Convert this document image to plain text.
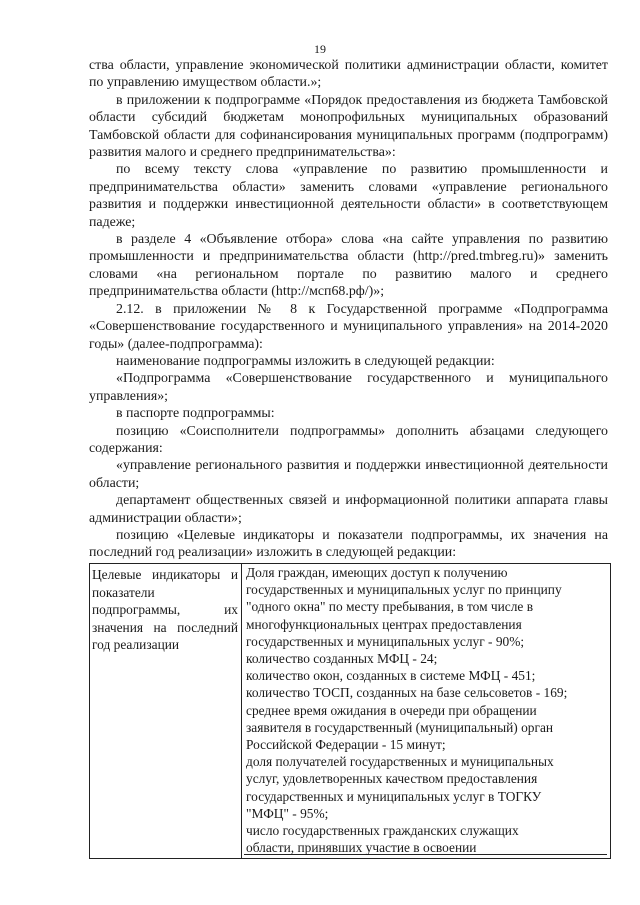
19

ства области, управление экономической политики администрации области, комитет по управлению имуществом области.»;

в приложении к подпрограмме «Порядок предоставления из бюджета Тамбовской области субсидий бюджетам монопрофильных муниципальных образований Тамбовской области для софинансирования муниципальных программ (подпрограмм) развития малого и среднего предпринимательства»:

по всему тексту слова «управление по развитию промышленности и предпринимательства области» заменить словами «управление регионального развития и поддержки инвестиционной деятельности области» в соответствующем падеже;

в разделе 4 «Объявление отбора» слова «на сайте управления по развитию промышленности и предпринимательства области (http://pred.tmbreg.ru)» заменить словами «на региональном портале по развитию малого и среднего предпринимательства области (http://мсп68.рф/)»;

2.12. в приложении № 8 к Государственной программе «Подпрограмма «Совершенствование государственного и муниципального управления» на 2014-2020 годы» (далее-подпрограмма):

наименование подпрограммы изложить в следующей редакции:

«Подпрограмма «Совершенствование государственного и муниципального управления»;

в паспорте подпрограммы:

позицию «Соисполнители подпрограммы» дополнить абзацами следующего содержания:

«управление регионального развития и поддержки инвестиционной деятельности области;

департамент общественных связей и информационной политики аппарата главы администрации области»;

позицию «Целевые индикаторы и показатели подпрограммы, их значения на последний год реализации» изложить в следующей редакции:

Целевые индикаторы и показатели подпрограммы, их значения на последний год реализации
Доля граждан, имеющих доступ к получению
государственных и муниципальных услуг по принципу
"одного окна" по месту пребывания, в том числе в
многофункциональных центрах предоставления
государственных и муниципальных услуг - 90%;
количество созданных МФЦ - 24;
количество окон, созданных в системе МФЦ - 451;
количество ТОСП, созданных на базе сельсоветов - 169;
среднее время ожидания в очереди при обращении
заявителя в государственный (муниципальный) орган
Российской Федерации - 15 минут;
доля получателей государственных и муниципальных
услуг, удовлетворенных качеством предоставления
государственных и муниципальных услуг в ТОГКУ
"МФЦ" - 95%;
число государственных гражданских служащих
области, принявших участие в освоении
